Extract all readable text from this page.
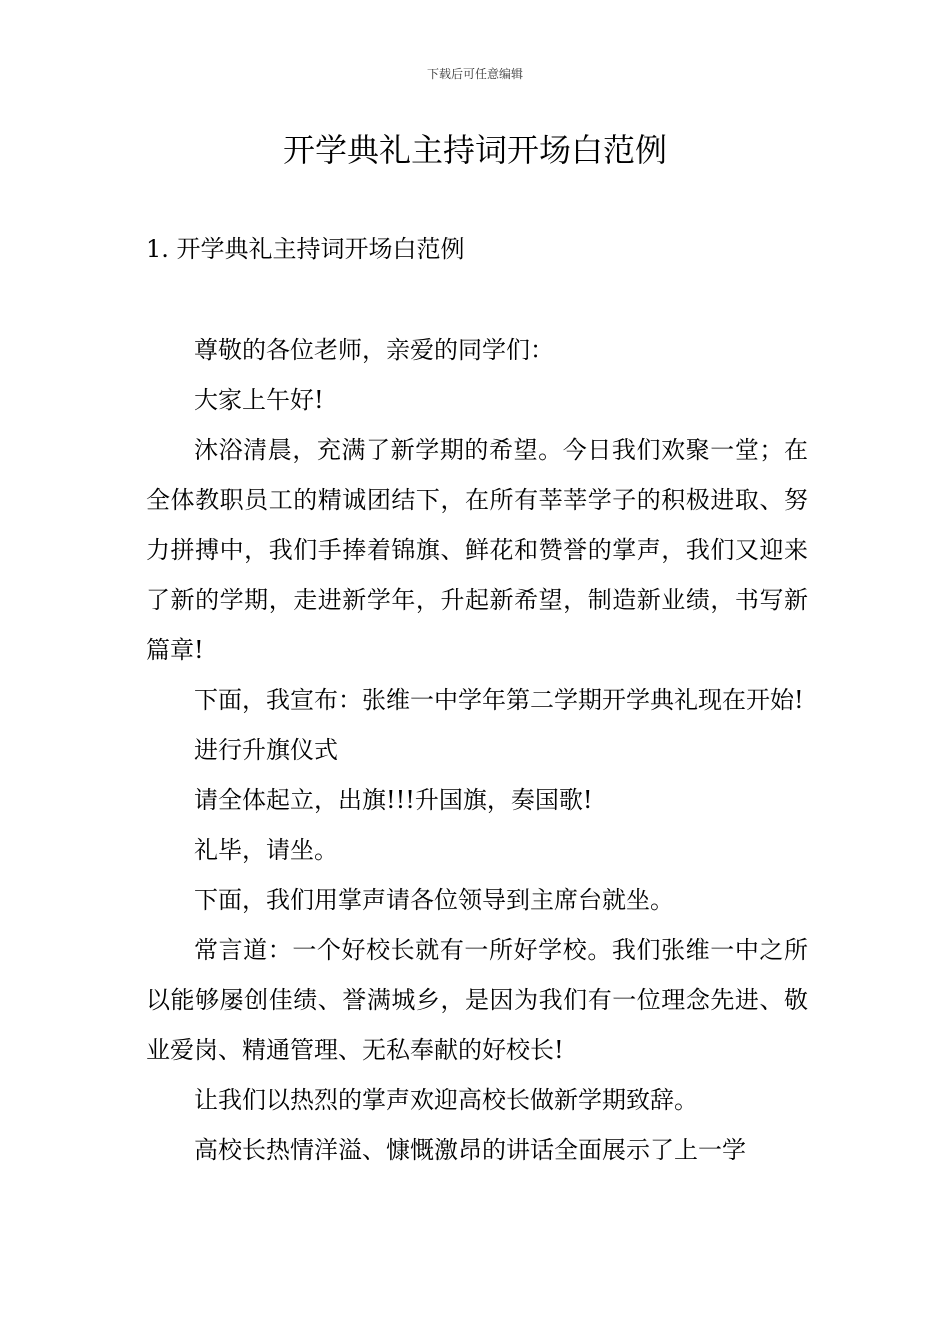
下载后可任意编辑
开学典礼主持词开场白范例
1. 开学典礼主持词开场白范例

尊敬的各位老师，亲爱的同学们：

大家上午好!

沐浴清晨，充满了新学期的希望。今日我们欢聚一堂；在全体教职员工的精诚团结下，在所有莘莘学子的积极进取、努力拼搏中，我们手捧着锦旗、鲜花和赞誉的掌声，我们又迎来了新的学期，走进新学年，升起新希望，制造新业绩，书写新篇章!

下面，我宣布：张维一中学年第二学期开学典礼现在开始!

进行升旗仪式

请全体起立，出旗!!!升国旗，奏国歌!

礼毕，请坐。

下面，我们用掌声请各位领导到主席台就坐。

常言道：一个好校长就有一所好学校。我们张维一中之所以能够屡创佳绩、誉满城乡，是因为我们有一位理念先进、敬业爱岗、精通管理、无私奉献的好校长!

让我们以热烈的掌声欢迎高校长做新学期致辞。

高校长热情洋溢、慷慨激昂的讲话全面展示了上一学
